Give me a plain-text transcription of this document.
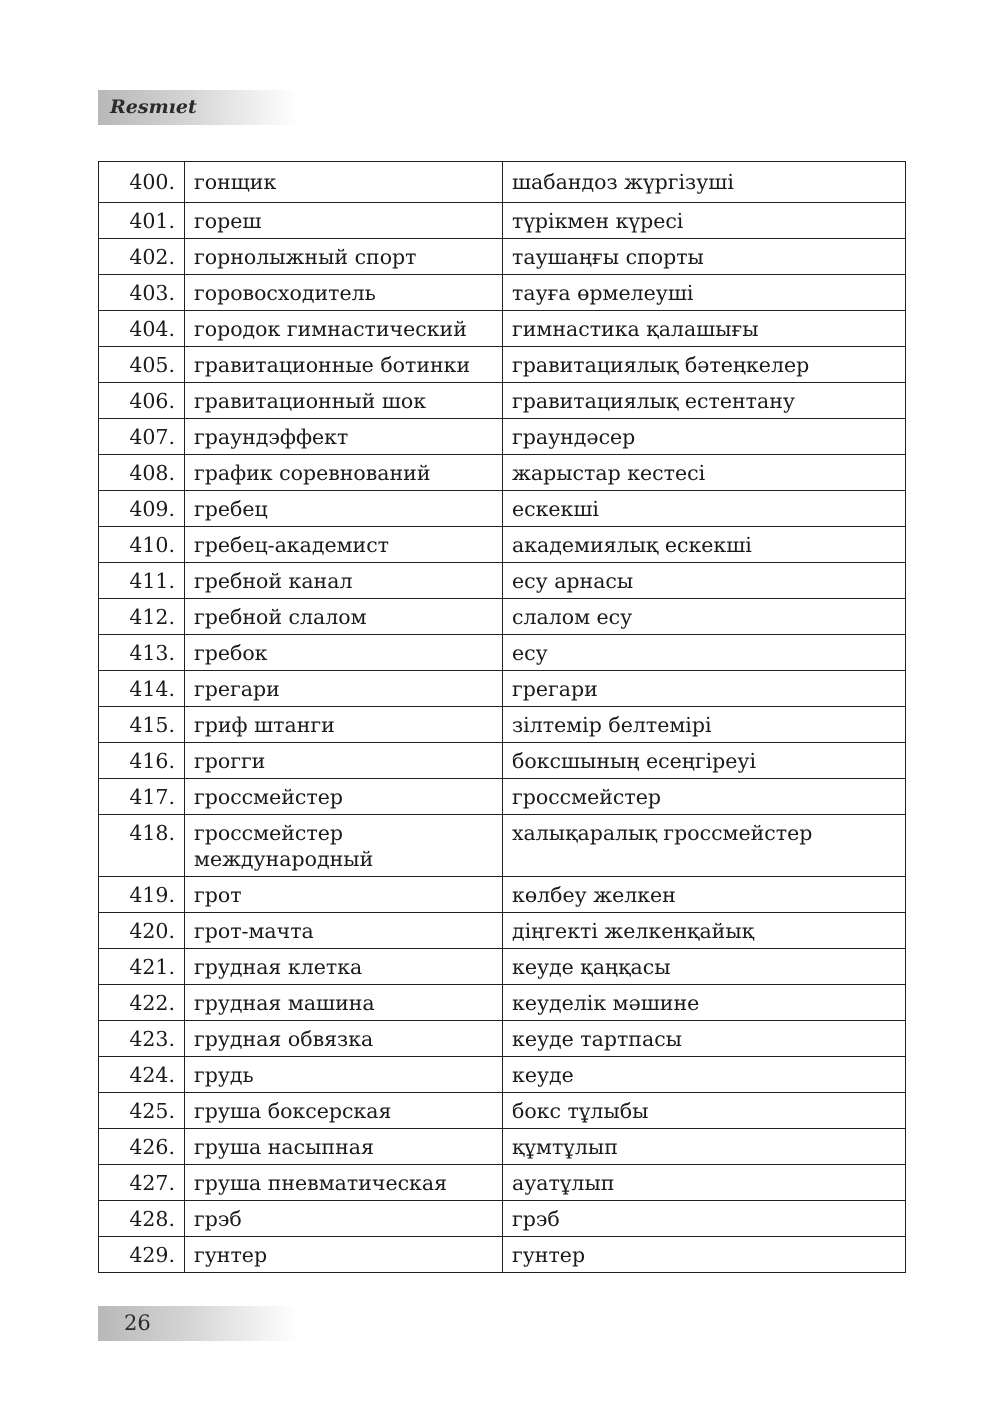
Resmıet
400.	гонщик	шабандоз жүргізуші
401.	гореш	түрікмен күресі
402.	горнолыжный спорт	таушаңғы спорты
403.	горовосходитель	тауға өрмелеуші
404.	городок гимнастический	гимнастика қалашығы
405.	гравитационные ботинки	гравитациялық бәтеңкелер
406.	гравитационный шок	гравитациялық естентану
407.	граундэффект	граундәсер
408.	график соревнований	жарыстар кестесі
409.	гребец	ескекші
410.	гребец-академист	академиялық ескекші
411.	гребной канал	есу арнасы
412.	гребной слалом	слалом есу
413.	гребок	есу
414.	грегари	грегари
415.	гриф штанги	зілтемір белтемірі
416.	грогги	боксшының есеңгіреуі
417.	гроссмейстер	гроссмейстер
418.	гроссмейстер международный	халықаралық гроссмейстер
419.	грот	көлбеу желкен
420.	грот-мачта	діңгекті желкенқайық
421.	грудная клетка	кеуде қаңқасы
422.	грудная машина	кеуделік мәшине
423.	грудная обвязка	кеуде тартпасы
424.	грудь	кеуде
425.	груша боксерская	бокс тұлыбы
426.	груша насыпная	құмтұлып
427.	груша пневматическая	ауатұлып
428.	грэб	грэб
429.	гунтер	гунтер
26
